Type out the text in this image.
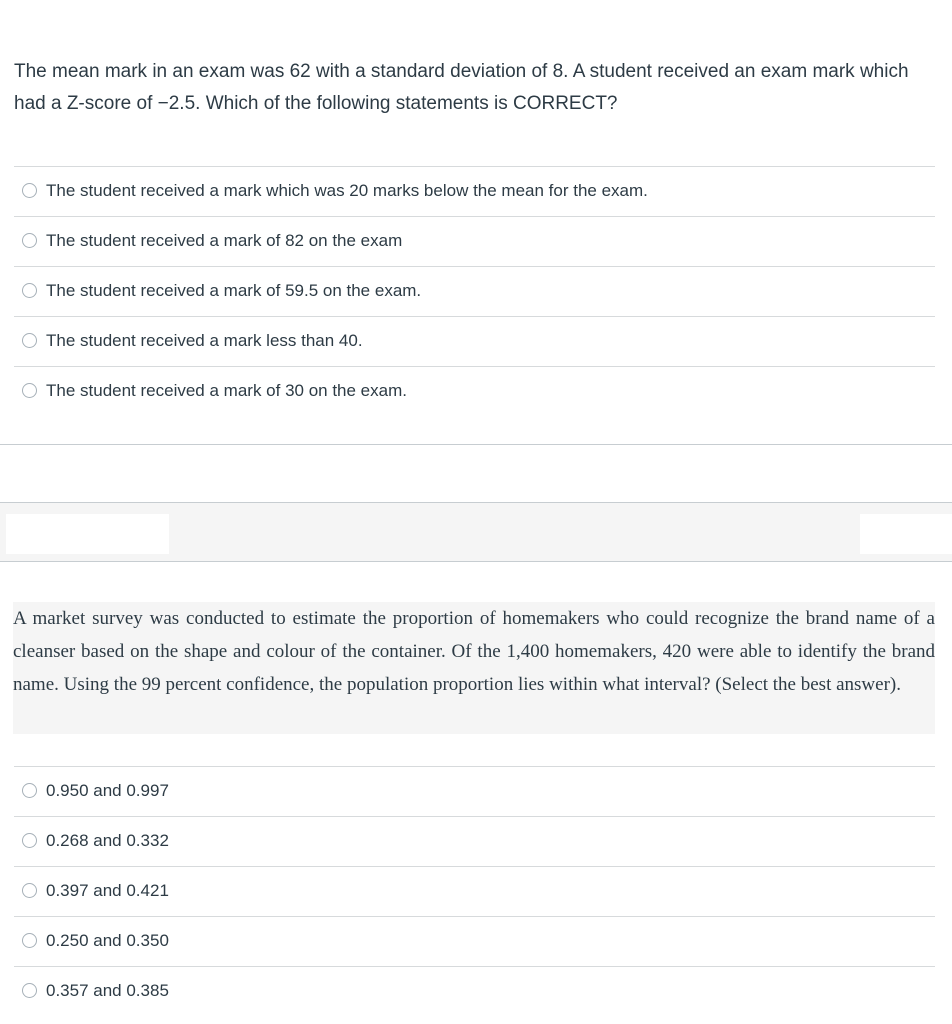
The mean mark in an exam was 62 with a standard deviation of 8. A student received an exam mark which had a Z-score of −2.5. Which of the following statements is CORRECT?
The student received a mark which was 20 marks below the mean for the exam.
The student received a mark of 82 on the exam
The student received a mark of 59.5 on the exam.
The student received a mark less than 40.
The student received a mark of 30 on the exam.
A market survey was conducted to estimate the proportion of homemakers who could recognize the brand name of a cleanser based on the shape and colour of the container. Of the 1,400 homemakers, 420 were able to identify the brand name. Using the 99 percent confidence, the population proportion lies within what interval? (Select the best answer).
0.950 and 0.997
0.268 and 0.332
0.397 and 0.421
0.250 and 0.350
0.357 and 0.385
